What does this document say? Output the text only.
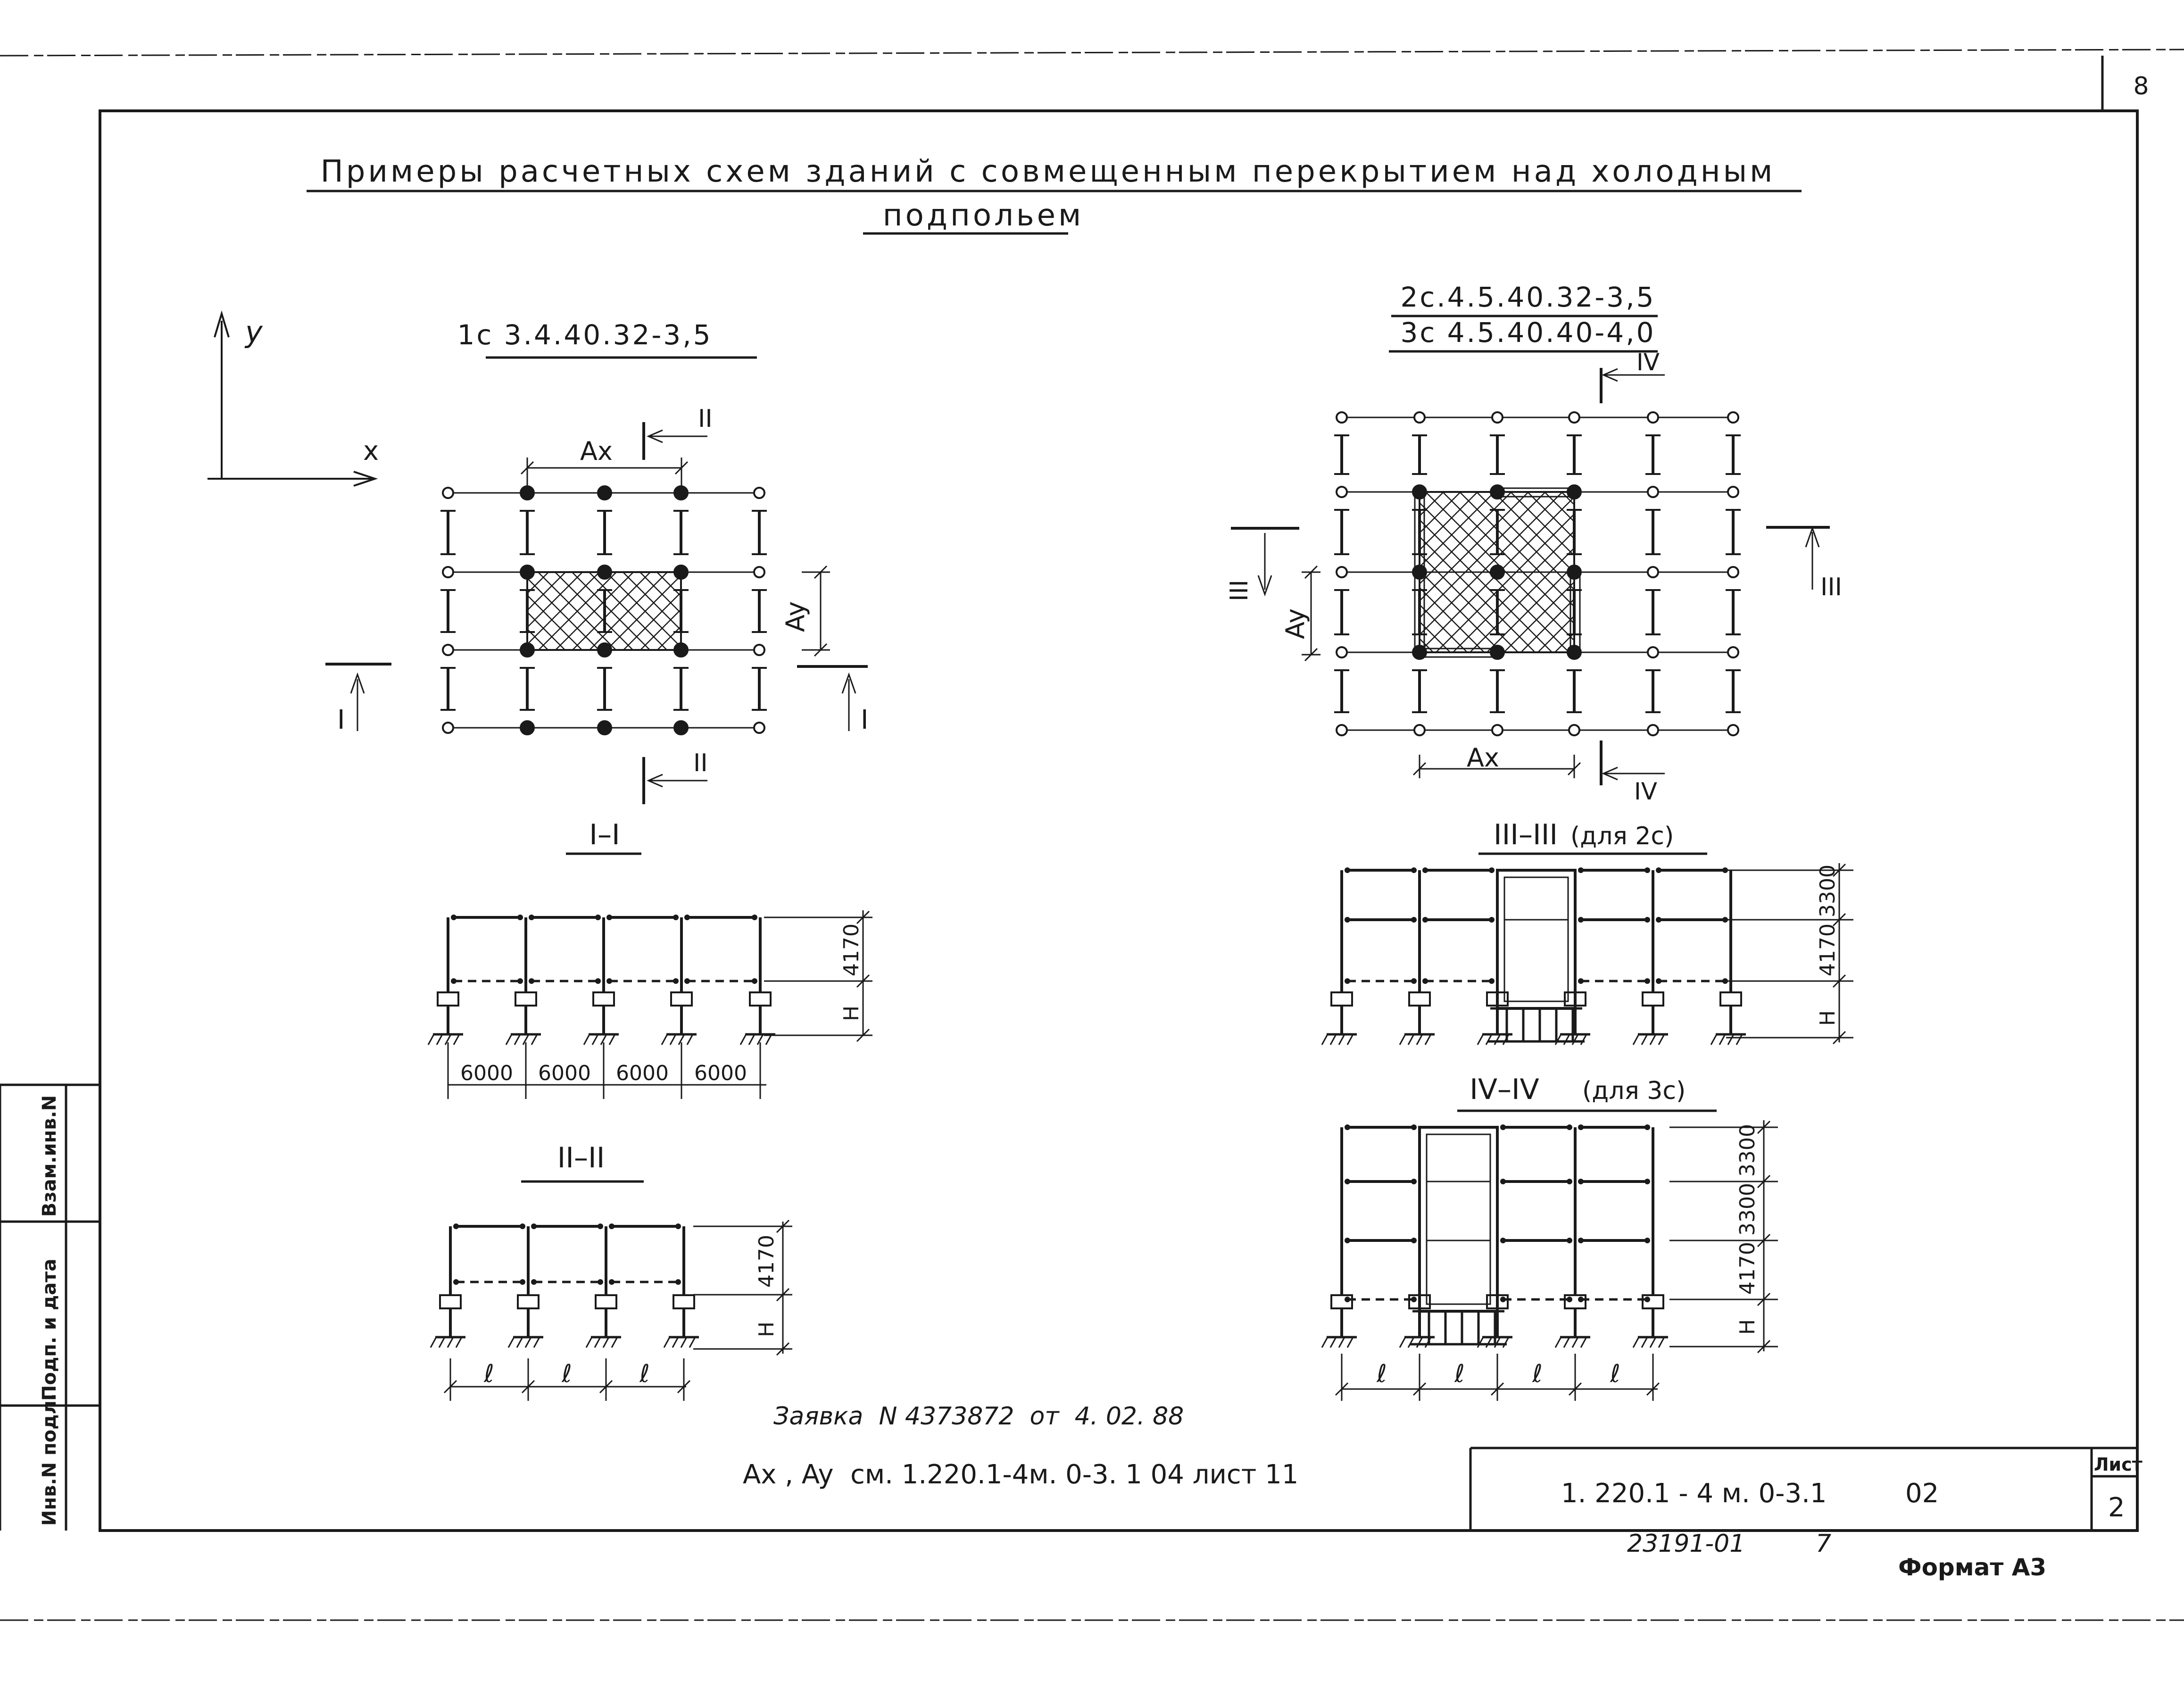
8
Инв.N подл.
Подп. и дата
Взам.инв.N
Примеры расчетных схем зданий с совмещенным перекрытием над холодным
подпольем
y
x
1с 3.4.40.32-3,5
Ax
Ay
I	I
II
II
2с.4.5.40.32-3,5
3с 4.5.40.40-4,0
Ax
Ay
III	III
IV
IV
I–I
4170
H
6000 6000 6000 6000
II–II
4170
H
ℓ	ℓ	ℓ
III–III (для 2с)
3300
4170
H
IV–IV (для 3с)
3300
3300
4170
H
ℓ	ℓ	ℓ	ℓ
Заявка  N 4373872  от  4. 02. 88
Ax , Ay  см. 1.220.1-4м. 0-3. 1 04 лист 11
1. 220.1 - 4 м. 0-3.1	02
Лист
2
23191-01	7
Формат А3
